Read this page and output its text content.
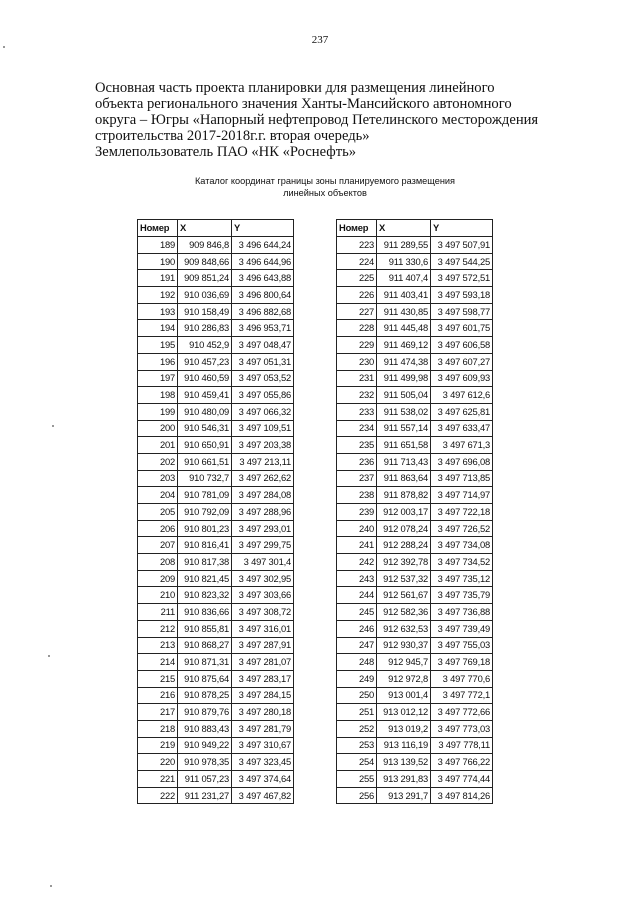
237
Основная часть проекта планировки для размещения линейного
объекта регионального значения Ханты-Мансийского автономного
округа – Югры «Напорный нефтепровод Петелинского месторождения
строительства 2017-2018г.г. вторая очередь»
Землепользователь ПАО «НК «Роснефть»
Каталог координат границы зоны планируемого размещения
линейных объектов
Номер	X	Y
189	909 846,8	3 496 644,24
190	909 848,66	3 496 644,96
191	909 851,24	3 496 643,88
192	910 036,69	3 496 800,64
193	910 158,49	3 496 882,68
194	910 286,83	3 496 953,71
195	910 452,9	3 497 048,47
196	910 457,23	3 497 051,31
197	910 460,59	3 497 053,52
198	910 459,41	3 497 055,86
199	910 480,09	3 497 066,32
200	910 546,31	3 497 109,51
201	910 650,91	3 497 203,38
202	910 661,51	3 497 213,11
203	910 732,7	3 497 262,62
204	910 781,09	3 497 284,08
205	910 792,09	3 497 288,96
206	910 801,23	3 497 293,01
207	910 816,41	3 497 299,75
208	910 817,38	3 497 301,4
209	910 821,45	3 497 302,95
210	910 823,32	3 497 303,66
211	910 836,66	3 497 308,72
212	910 855,81	3 497 316,01
213	910 868,27	3 497 287,91
214	910 871,31	3 497 281,07
215	910 875,64	3 497 283,17
216	910 878,25	3 497 284,15
217	910 879,76	3 497 280,18
218	910 883,43	3 497 281,79
219	910 949,22	3 497 310,67
220	910 978,35	3 497 323,45
221	911 057,23	3 497 374,64
222	911 231,27	3 497 467,82
Номер	X	Y
223	911 289,55	3 497 507,91
224	911 330,6	3 497 544,25
225	911 407,4	3 497 572,51
226	911 403,41	3 497 593,18
227	911 430,85	3 497 598,77
228	911 445,48	3 497 601,75
229	911 469,12	3 497 606,58
230	911 474,38	3 497 607,27
231	911 499,98	3 497 609,93
232	911 505,04	3 497 612,6
233	911 538,02	3 497 625,81
234	911 557,14	3 497 633,47
235	911 651,58	3 497 671,3
236	911 713,43	3 497 696,08
237	911 863,64	3 497 713,85
238	911 878,82	3 497 714,97
239	912 003,17	3 497 722,18
240	912 078,24	3 497 726,52
241	912 288,24	3 497 734,08
242	912 392,78	3 497 734,52
243	912 537,32	3 497 735,12
244	912 561,67	3 497 735,79
245	912 582,36	3 497 736,88
246	912 632,53	3 497 739,49
247	912 930,37	3 497 755,03
248	912 945,7	3 497 769,18
249	912 972,8	3 497 770,6
250	913 001,4	3 497 772,1
251	913 012,12	3 497 772,66
252	913 019,2	3 497 773,03
253	913 116,19	3 497 778,11
254	913 139,52	3 497 766,22
255	913 291,83	3 497 774,44
256	913 291,7	3 497 814,26
